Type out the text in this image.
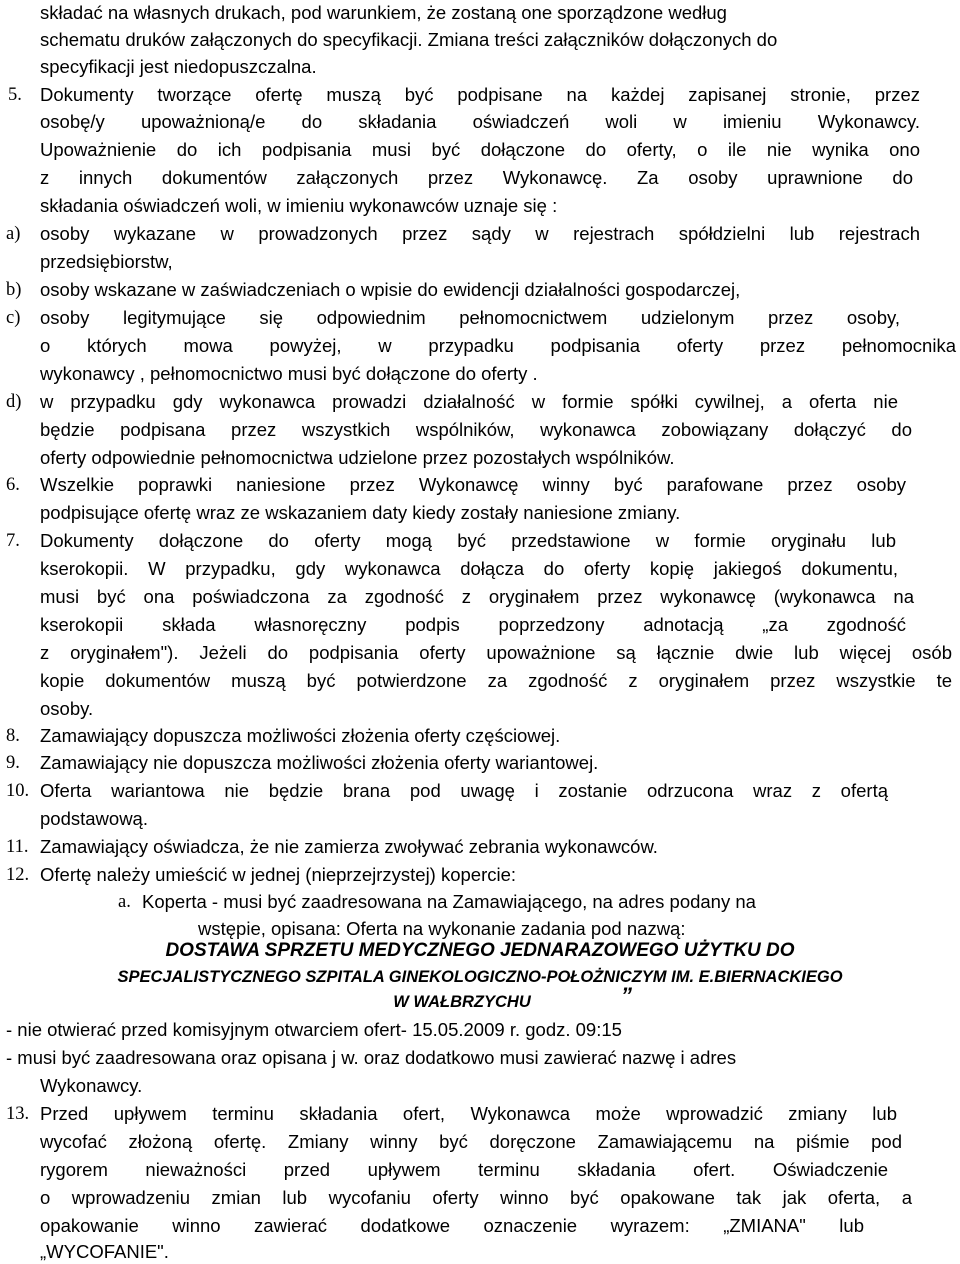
składać na własnych drukach, pod warunkiem, że zostaną one sporządzone według
schematu druków załączonych do specyfikacji. Zmiana treści załączników dołączonych do
specyfikacji jest niedopuszczalna.
5. Dokumenty tworzące ofertę muszą być podpisane na każdej zapisanej stronie, przez
osobę/y upoważnioną/e do składania oświadczeń woli w imieniu Wykonawcy.
Upoważnienie do ich podpisania musi być dołączone do oferty, o ile nie wynika ono
z innych dokumentów załączonych przez Wykonawcę. Za osoby uprawnione do
składania oświadczeń woli, w imieniu wykonawców uznaje się :
a) osoby wykazane w prowadzonych przez sądy w rejestrach spółdzielni lub rejestrach
przedsiębiorstw,
b) osoby wskazane w zaświadczeniach o wpisie do ewidencji działalności gospodarczej,
c) osoby legitymujące się odpowiednim pełnomocnictwem udzielonym przez osoby,
o których mowa powyżej, w przypadku podpisania oferty przez pełnomocnika
wykonawcy , pełnomocnictwo musi być dołączone do oferty .
d) w przypadku gdy wykonawca prowadzi działalność w formie spółki cywilnej, a oferta nie
będzie podpisana przez wszystkich wspólników, wykonawca zobowiązany dołączyć do
oferty odpowiednie pełnomocnictwa udzielone przez pozostałych wspólników.
6. Wszelkie poprawki naniesione przez Wykonawcę winny być parafowane przez osoby
podpisujące ofertę wraz ze wskazaniem daty kiedy zostały naniesione zmiany.
7. Dokumenty dołączone do oferty mogą być przedstawione w formie oryginału lub
kserokopii. W przypadku, gdy wykonawca dołącza do oferty kopię jakiegoś dokumentu,
musi być ona poświadczona za zgodność z oryginałem przez wykonawcę (wykonawca na
kserokopii składa własnoręczny podpis poprzedzony adnotacją „za zgodność
z oryginałem"). Jeżeli do podpisania oferty upoważnione są łącznie dwie lub więcej osób
kopie dokumentów muszą być potwierdzone za zgodność z oryginałem przez wszystkie te
osoby.
8. Zamawiający dopuszcza możliwości złożenia oferty częściowej.
9. Zamawiający nie dopuszcza możliwości złożenia oferty wariantowej.
10. Oferta wariantowa nie będzie brana pod uwagę i zostanie odrzucona wraz z ofertą
podstawową.
11. Zamawiający oświadcza, że nie zamierza zwoływać zebrania wykonawców.
12. Ofertę należy umieścić w jednej (nieprzejrzystej) kopercie:
a. Koperta - musi być zaadresowana na Zamawiającego, na adres podany na
wstępie, opisana: Oferta na wykonanie zadania pod nazwą:
DOSTAWA SPRZETU MEDYCZNEGO JEDNARAZOWEGO UŻYTKU DO
SPECJALISTYCZNEGO SZPITALA GINEKOLOGICZNO-POŁOŻNICZYM IM. E.BIERNACKIEGO
W WAŁBRZYCHU	”
- nie otwierać przed komisyjnym otwarciem ofert- 15.05.2009 r. godz. 09:15
- musi być zaadresowana oraz opisana j w. oraz dodatkowo musi zawierać nazwę i adres
Wykonawcy.
13. Przed upływem terminu składania ofert, Wykonawca może wprowadzić zmiany lub
wycofać złożoną ofertę. Zmiany winny być doręczone Zamawiającemu na piśmie pod
rygorem nieważności przed upływem terminu składania ofert. Oświadczenie
o wprowadzeniu zmian lub wycofaniu oferty winno być opakowane tak jak oferta, a
opakowanie winno zawierać dodatkowe oznaczenie wyrazem: „ZMIANA" lub
„WYCOFANIE".
